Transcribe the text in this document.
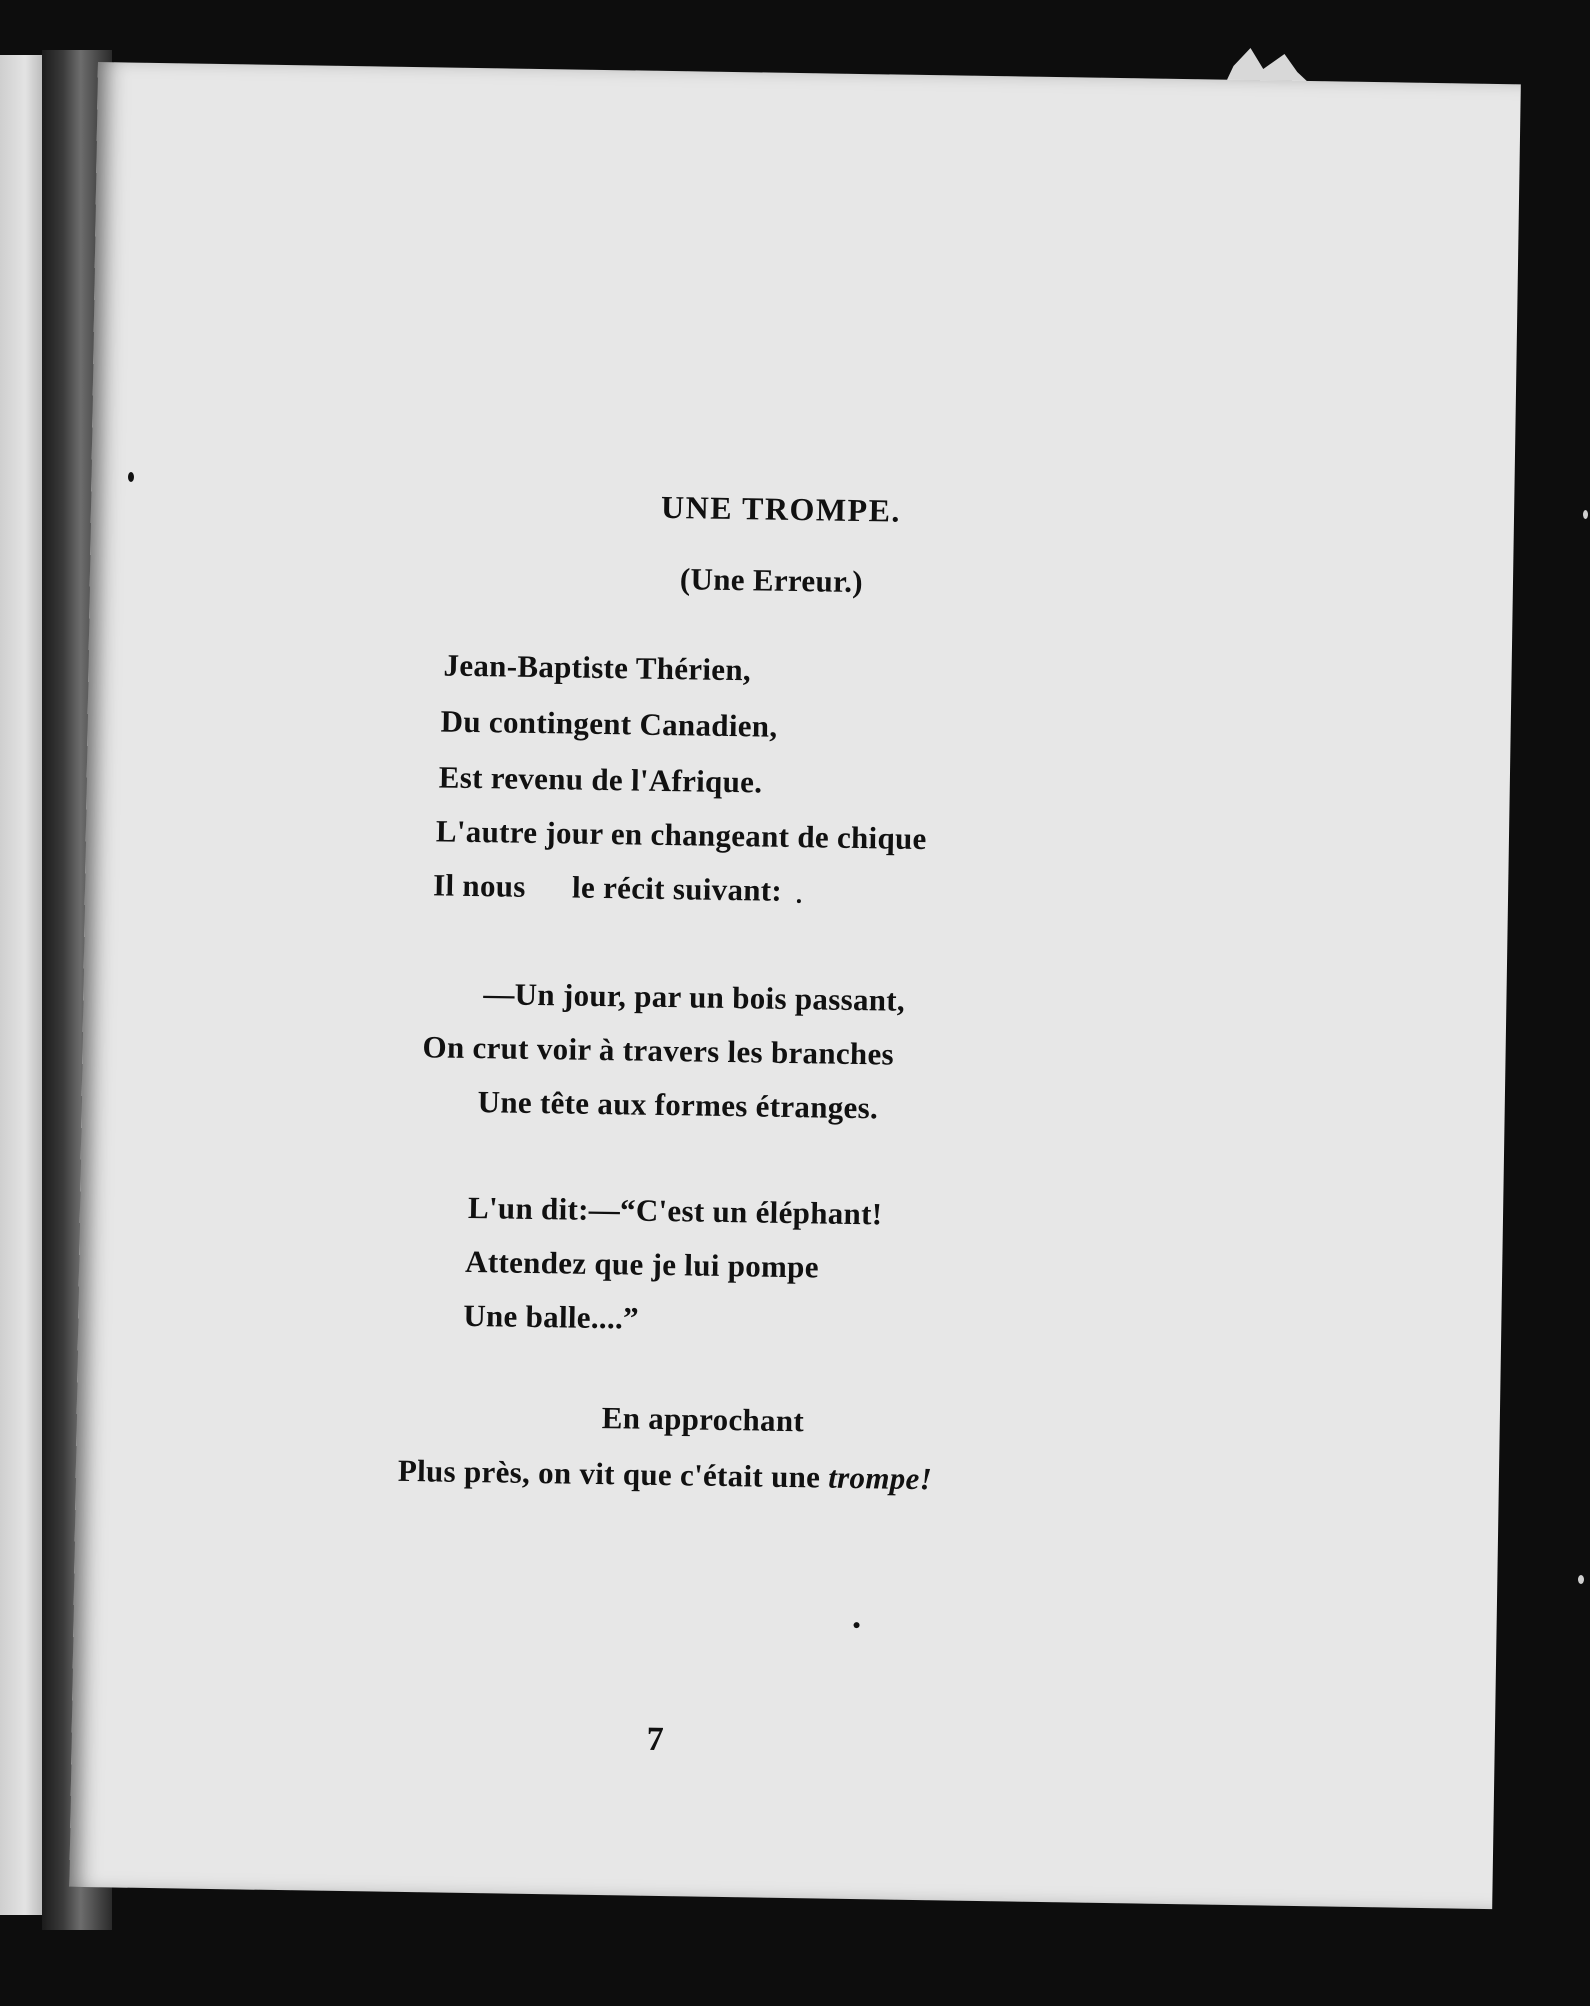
UNE TROMPE.
(Une Erreur.)
Jean-Baptiste Thérien,
Du contingent Canadien,
Est revenu de l'Afrique.
L'autre jour en changeant de chique
Il nous le récit suivant:
—Un jour, par un bois passant,
On crut voir à travers les branches
Une tête aux formes étranges.
L'un dit:—“C'est un éléphant!
Attendez que je lui pompe
Une balle....”
En approchant
Plus près, on vit que c'était une trompe!
7
